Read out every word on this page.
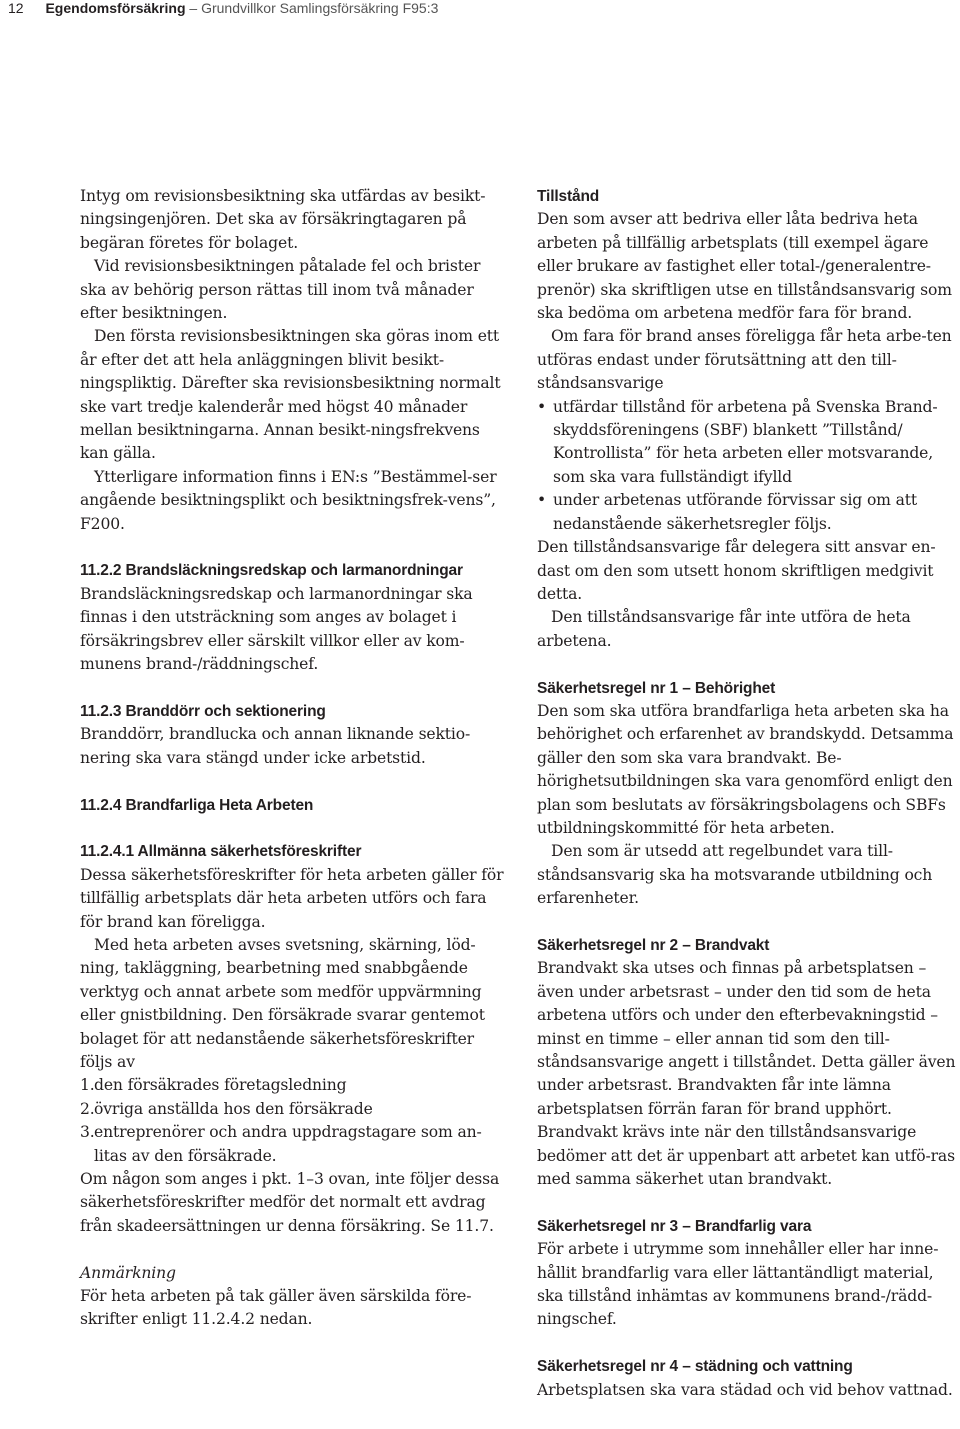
12 Egendomsförsäkring – Grundvillkor Samlingsförsäkring F95:3

Intyg om revisionsbesiktning ska utfärdas av besikt-ningsingenjören. Det ska av försäkringtagaren på begäran företes för bolaget.

Vid revisionsbesiktningen påtalade fel och brister ska av behörig person rättas till inom två månader efter besiktningen.

Den första revisionsbesiktningen ska göras inom ett år efter det att hela anläggningen blivit besikt-ningspliktig. Därefter ska revisionsbesiktning normalt ske vart tredje kalenderår med högst 40 månader mellan besiktningarna. Annan besikt-ningsfrekvens kan gälla.

Ytterligare information finns i EN:s ”Bestämmel-ser angående besiktningsplikt och besiktningsfrek-vens”, F200.

11.2.2 Brandsläckningsredskap och larmanordningar

Brandsläckningsredskap och larmanordningar ska finnas i den utsträckning som anges av bolaget i försäkringsbrev eller särskilt villkor eller av kom-munens brand-/räddningschef.

11.2.3 Branddörr och sektionering

Branddörr, brandlucka och annan liknande sektio-nering ska vara stängd under icke arbetstid.

11.2.4 Brandfarliga Heta Arbeten

11.2.4.1 Allmänna säkerhetsföreskrifter

Dessa säkerhetsföreskrifter för heta arbeten gäller för tillfällig arbetsplats där heta arbeten utförs och fara för brand kan föreligga.

Med heta arbeten avses svetsning, skärning, löd-ning, takläggning, bearbetning med snabbgående verktyg och annat arbete som medför uppvärmning eller gnistbildning. Den försäkrade svarar gentemot bolaget för att nedanstående säkerhetsföreskrifter följs av

1. den försäkrades företagsledning
2. övriga anställda hos den försäkrade
3. entreprenörer och andra uppdragstagare som an-litas av den försäkrade.

Om någon som anges i pkt. 1–3 ovan, inte följer dessa säkerhetsföreskrifter medför det normalt ett avdrag från skadeersättningen ur denna försäkring. Se 11.7.

Anmärkning

För heta arbeten på tak gäller även särskilda före-skrifter enligt 11.2.4.2 nedan.

Tillstånd

Den som avser att bedriva eller låta bedriva heta arbeten på tillfällig arbetsplats (till exempel ägare eller brukare av fastighet eller total-/generalentre-prenör) ska skriftligen utse en tillståndsansvarig som ska bedöma om arbetena medför fara för brand.

Om fara för brand anses föreligga får heta arbe-ten utföras endast under förutsättning att den till-ståndsansvarige

• utfärdar tillstånd för arbetena på Svenska Brand-skyddsföreningens (SBF) blankett ”Tillstånd/ Kontrollista” för heta arbeten eller motsvarande, som ska vara fullständigt ifylld
• under arbetenas utförande förvissar sig om att nedanstående säkerhetsregler följs.

Den tillståndsansvarige får delegera sitt ansvar en-dast om den som utsett honom skriftligen medgivit detta.

Den tillståndsansvarige får inte utföra de heta arbetena.

Säkerhetsregel nr 1 – Behörighet

Den som ska utföra brandfarliga heta arbeten ska ha behörighet och erfarenhet av brandskydd. Detsamma gäller den som ska vara brandvakt. Be-hörighetsutbildningen ska vara genomförd enligt den plan som beslutats av försäkringsbolagens och SBFs utbildningskommitté för heta arbeten.

Den som är utsedd att regelbundet vara till-ståndsansvarig ska ha motsvarande utbildning och erfarenheter.

Säkerhetsregel nr 2 – Brandvakt

Brandvakt ska utses och finnas på arbetsplatsen – även under arbetsrast – under den tid som de heta arbetena utförs och under den efterbevakningstid – minst en timme – eller annan tid som den till-ståndsansvarige angett i tillståndet. Detta gäller även under arbetsrast. Brandvakten får inte lämna arbetsplatsen förrän faran för brand upphört. Brandvakt krävs inte när den tillståndsansvarige bedömer att det är uppenbart att arbetet kan utfö-ras med samma säkerhet utan brandvakt.

Säkerhetsregel nr 3 – Brandfarlig vara

För arbete i utrymme som innehåller eller har inne-hållit brandfarlig vara eller lättantändligt material, ska tillstånd inhämtas av kommunens brand-/rädd-ningschef.

Säkerhetsregel nr 4 – städning och vattning

Arbetsplatsen ska vara städad och vid behov vattnad.
